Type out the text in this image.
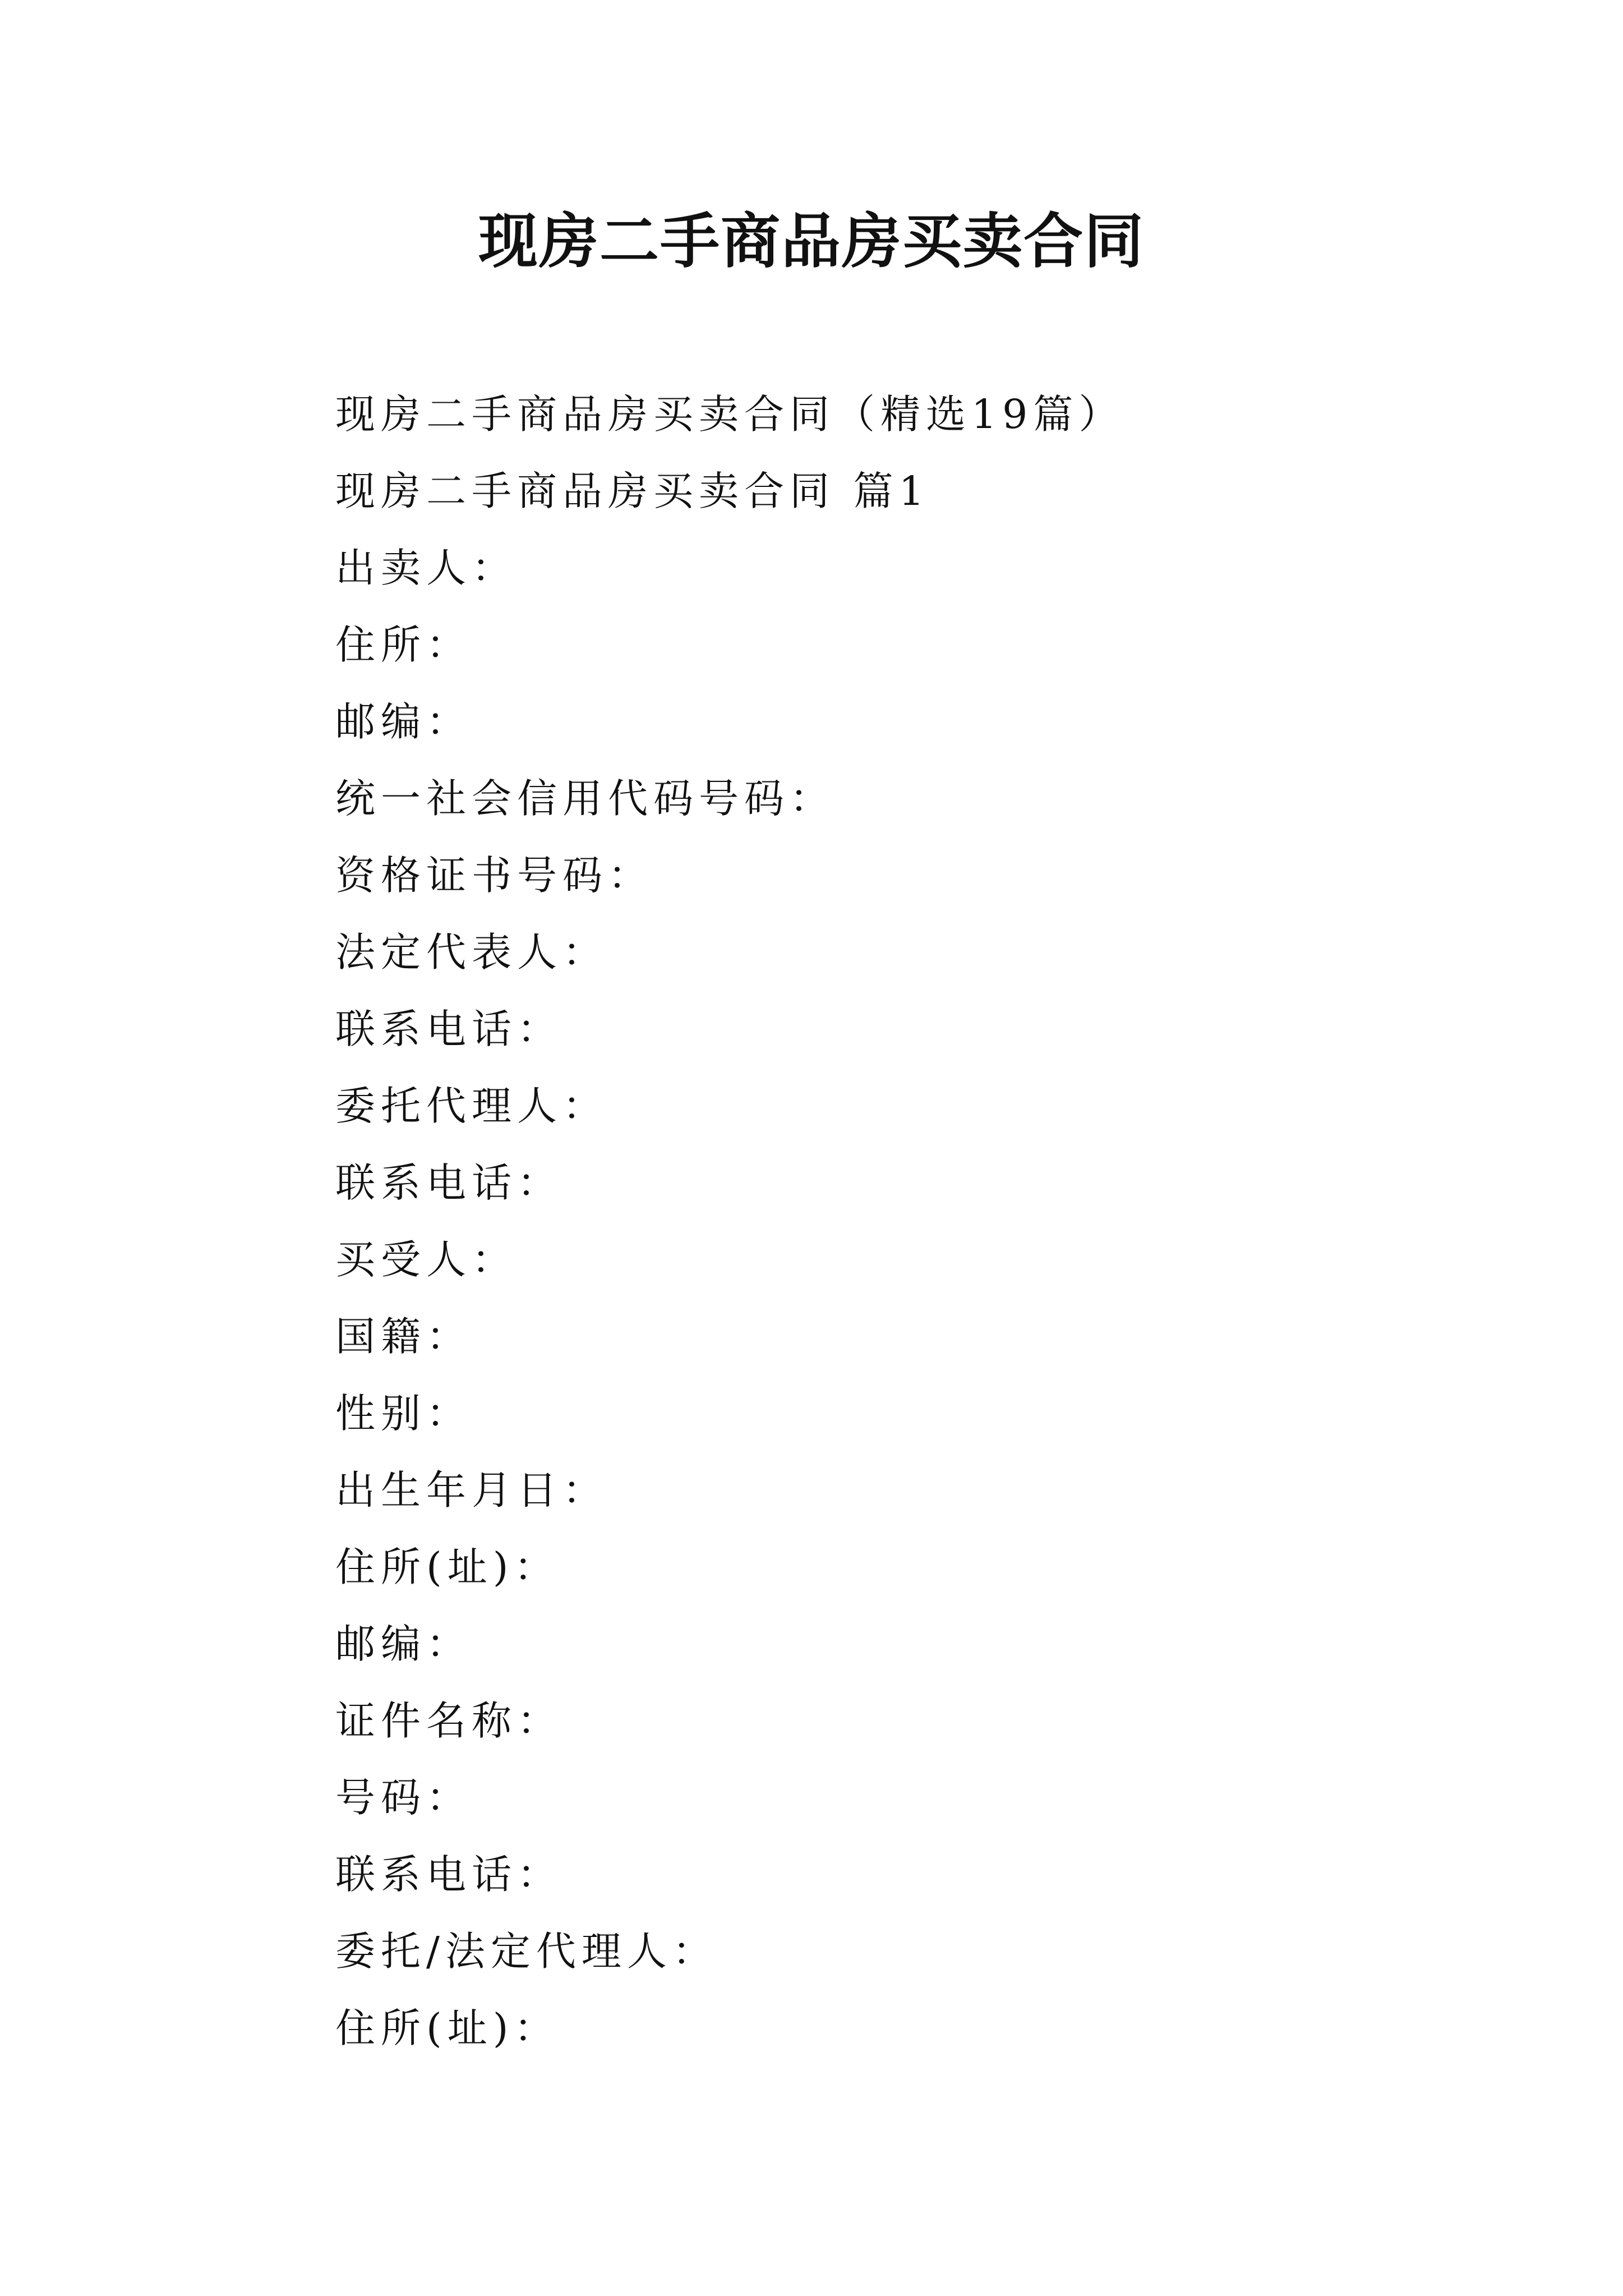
现房二手商品房买卖合同
现房二手商品房买卖合同（精选19篇）
现房二手商品房买卖合同 篇1
出卖人：
住所：
邮编：
统一社会信用代码号码：
资格证书号码：
法定代表人：
联系电话：
委托代理人：
联系电话：
买受人：
国籍：
性别：
出生年月日：
住所(址)：
邮编：
证件名称：
号码：
联系电话：
委托/法定代理人：
住所(址)：
